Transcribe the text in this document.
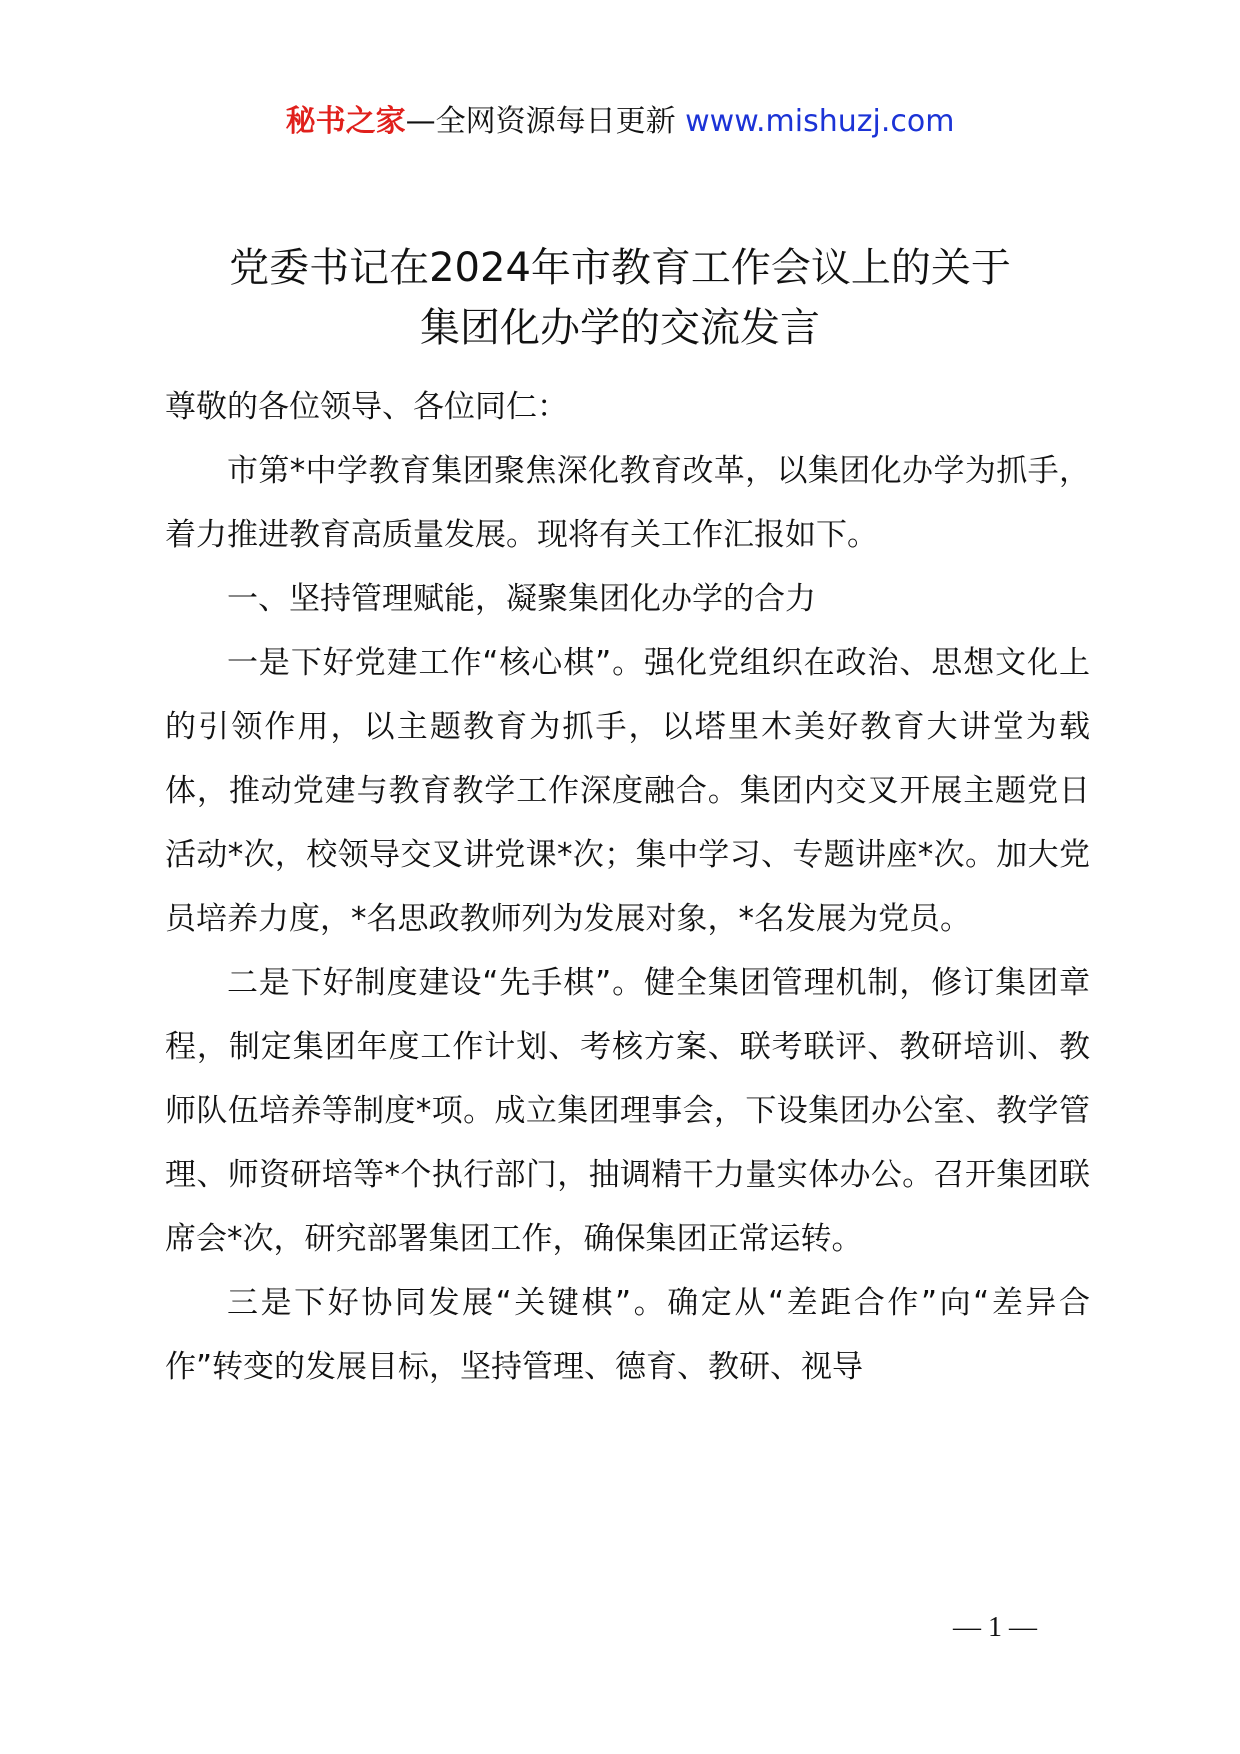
秘书之家—全网资源每日更新 www.mishuzj.com
党委书记在2024年市教育工作会议上的关于
集团化办学的交流发言

尊敬的各位领导、各位同仁：

市第*中学教育集团聚焦深化教育改革，以集团化办学为抓手，着力推进教育高质量发展。现将有关工作汇报如下。

一、坚持管理赋能，凝聚集团化办学的合力

一是下好党建工作“核心棋”。强化党组织在政治、思想文化上的引领作用，以主题教育为抓手，以塔里木美好教育大讲堂为载体，推动党建与教育教学工作深度融合。集团内交叉开展主题党日活动*次，校领导交叉讲党课*次；集中学习、专题讲座*次。加大党员培养力度，*名思政教师列为发展对象，*名发展为党员。

二是下好制度建设“先手棋”。健全集团管理机制，修订集团章程，制定集团年度工作计划、考核方案、联考联评、教研培训、教师队伍培养等制度*项。成立集团理事会，下设集团办公室、教学管理、师资研培等*个执行部门，抽调精干力量实体办公。召开集团联席会*次，研究部署集团工作，确保集团正常运转。

三是下好协同发展“关键棋”。确定从“差距合作”向“差异合作”转变的发展目标，坚持管理、德育、教研、视导

— 1 —
